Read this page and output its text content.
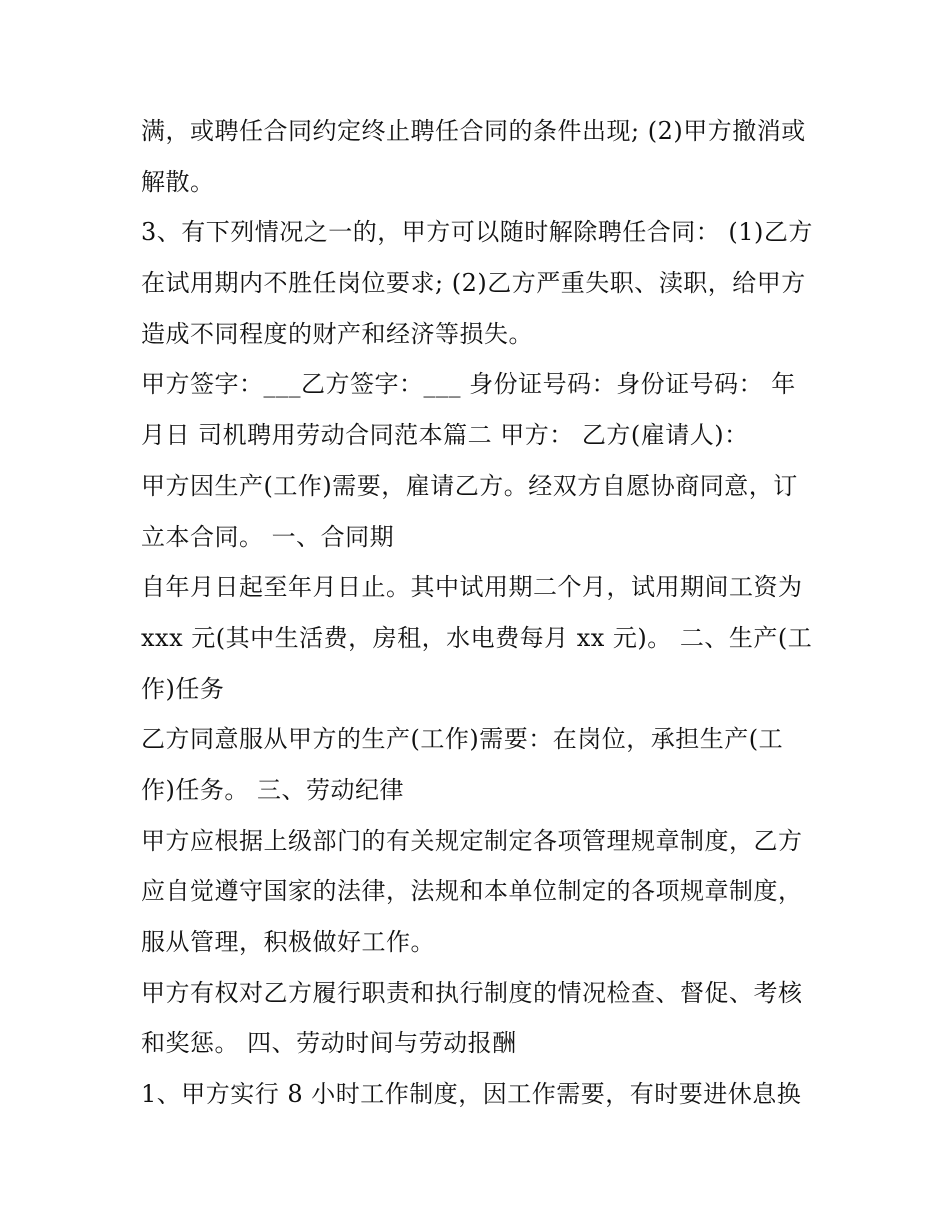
满，或聘任合同约定终止聘任合同的条件出现; (2)甲方撤消或
解散。
3、有下列情况之一的，甲方可以随时解除聘任合同： (1)乙方
在试用期内不胜任岗位要求; (2)乙方严重失职、渎职，给甲方
造成不同程度的财产和经济等损失。
甲方签字：___乙方签字：___ 身份证号码：身份证号码： 年
月日 司机聘用劳动合同范本篇二 甲方： 乙方(雇请人)：
甲方因生产(工作)需要，雇请乙方。经双方自愿协商同意，订
立本合同。 一、合同期
自年月日起至年月日止。其中试用期二个月，试用期间工资为
xxx 元(其中生活费，房租，水电费每月 xx 元)。 二、生产(工
作)任务
乙方同意服从甲方的生产(工作)需要：在岗位，承担生产(工
作)任务。 三、劳动纪律
甲方应根据上级部门的有关规定制定各项管理规章制度，乙方
应自觉遵守国家的法律，法规和本单位制定的各项规章制度，
服从管理，积极做好工作。
甲方有权对乙方履行职责和执行制度的情况检查、督促、考核
和奖惩。 四、劳动时间与劳动报酬
1、甲方实行 8 小时工作制度，因工作需要，有时要进休息换
